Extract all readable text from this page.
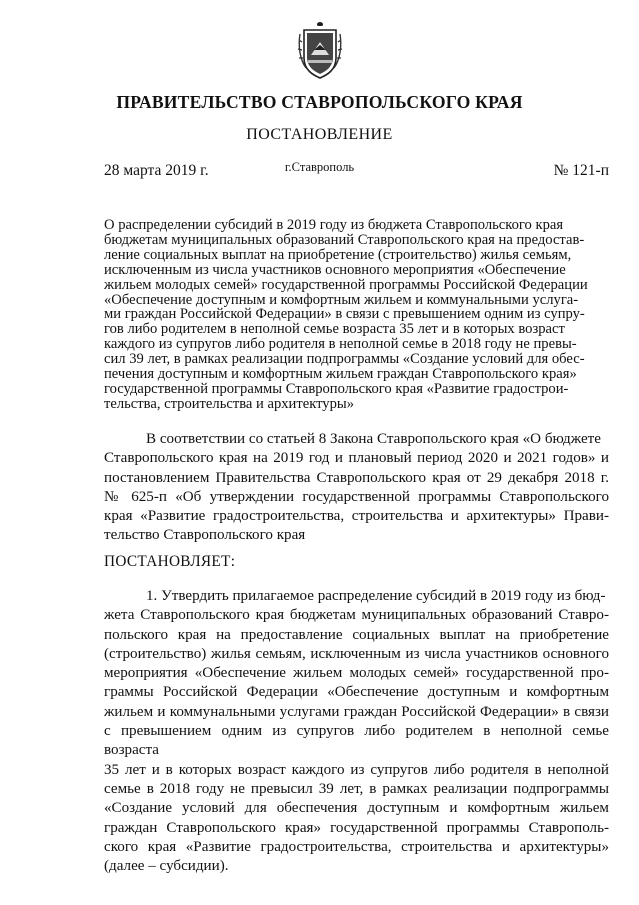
ПРАВИТЕЛЬСТВО СТАВРОПОЛЬСКОГО КРАЯ
ПОСТАНОВЛЕНИЕ
28 марта 2019 г.	г.Ставрополь	№ 121-п
О распределении субсидий в 2019 году из бюджета Ставропольского края
бюджетам муниципальных образований Ставропольского края на предостав-
ление социальных выплат на приобретение (строительство) жилья семьям,
исключенным из числа участников основного мероприятия «Обеспечение
жильем молодых семей» государственной программы Российской Федерации
«Обеспечение доступным и комфортным жильем и коммунальными услуга-
ми граждан Российской Федерации» в связи с превышением одним из супру-
гов либо родителем в неполной семье возраста 35 лет и в которых возраст
каждого из супругов либо родителя в неполной семье в 2018 году не превы-
сил 39 лет, в рамках реализации подпрограммы «Создание условий для обес-
печения доступным и комфортным жильем граждан Ставропольского края»
государственной программы Ставропольского края «Развитие градострои-
тельства, строительства и архитектуры»
В соответствии со статьей 8 Закона Ставропольского края «О бюджете
Ставропольского края на 2019 год и плановый период 2020 и 2021 годов» и
постановлением Правительства Ставропольского края от 29 декабря 2018 г.
№ 625-п «Об утверждении государственной программы Ставропольского
края «Развитие градостроительства, строительства и архитектуры» Прави-
тельство Ставропольского края
ПОСТАНОВЛЯЕТ:
1. Утвердить прилагаемое распределение субсидий в 2019 году из бюд-
жета Ставропольского края бюджетам муниципальных образований Ставро-
польского края на предоставление социальных выплат на приобретение
(строительство) жилья семьям, исключенным из числа участников основного
мероприятия «Обеспечение жильем молодых семей» государственной про-
граммы Российской Федерации «Обеспечение доступным и комфортным
жильем и коммунальными услугами граждан Российской Федерации» в связи
с превышением одним из супругов либо родителем в неполной семье возраста
35 лет и в которых возраст каждого из супругов либо родителя в неполной
семье в 2018 году не превысил 39 лет, в рамках реализации подпрограммы
«Создание условий для обеспечения доступным и комфортным жильем
граждан Ставропольского края» государственной программы Ставрополь-
ского края «Развитие градостроительства, строительства и архитектуры»
(далее – субсидии).
